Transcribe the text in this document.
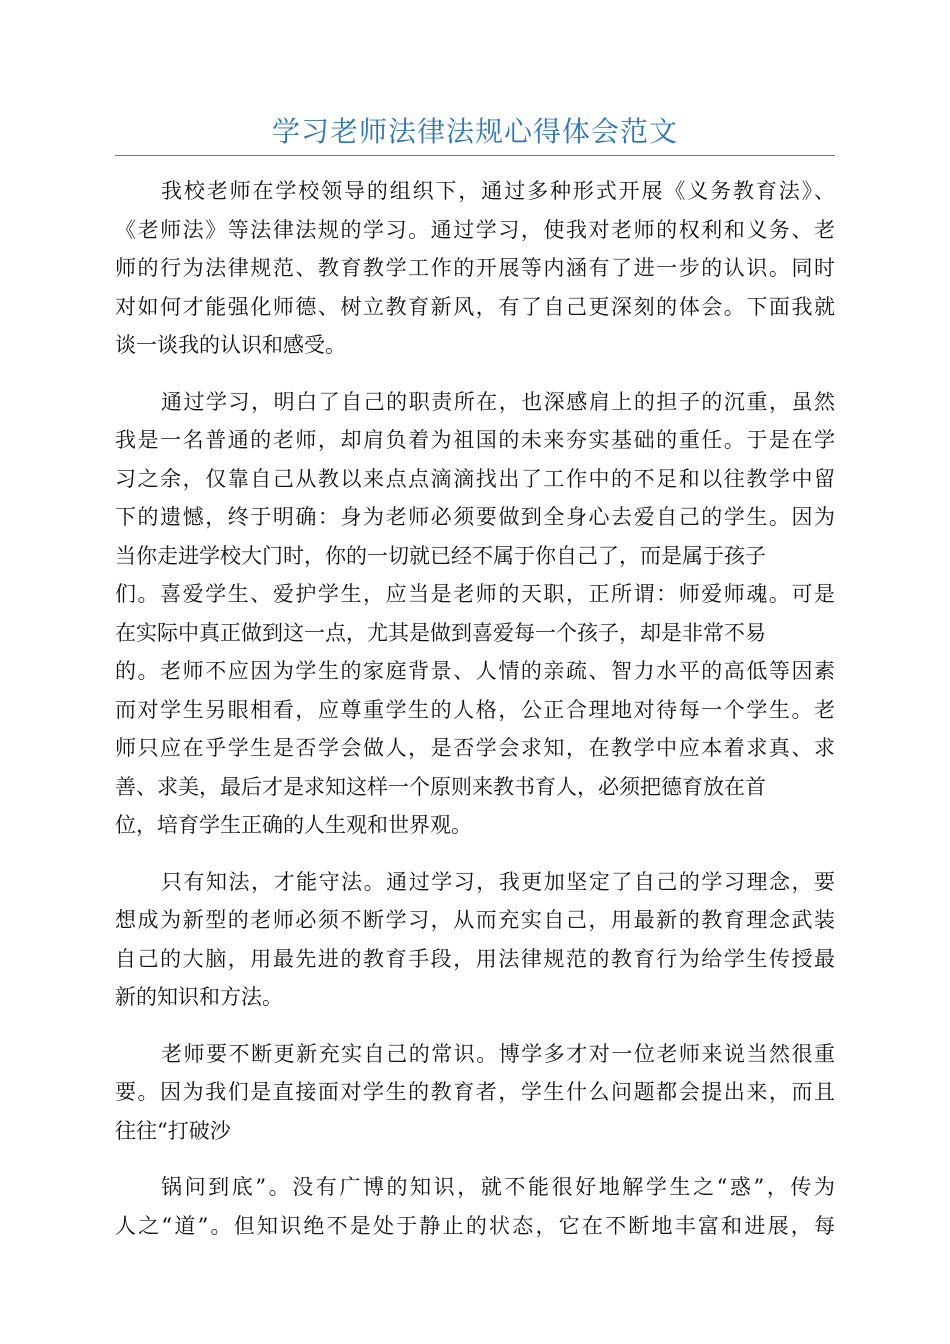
学习老师法律法规心得体会范文
我校老师在学校领导的组织下，通过多种形式开展《义务教育法》、
《老师法》等法律法规的学习。通过学习，使我对老师的权利和义务、老
师的行为法律规范、教育教学工作的开展等内涵有了进一步的认识。同时
对如何才能强化师德、树立教育新风，有了自己更深刻的体会。下面我就
谈一谈我的认识和感受。
通过学习，明白了自己的职责所在，也深感肩上的担子的沉重，虽然
我是一名普通的老师，却肩负着为祖国的未来夯实基础的重任。于是在学
习之余，仅靠自己从教以来点点滴滴找出了工作中的不足和以往教学中留
下的遗憾，终于明确：身为老师必须要做到全身心去爱自己的学生。因为
当你走进学校大门时，你的一切就已经不属于你自己了，而是属于孩子
们。喜爱学生、爱护学生，应当是老师的天职，正所谓：师爱师魂。可是
在实际中真正做到这一点，尤其是做到喜爱每一个孩子，却是非常不易
的。老师不应因为学生的家庭背景、人情的亲疏、智力水平的高低等因素
而对学生另眼相看，应尊重学生的人格，公正合理地对待每一个学生。老
师只应在乎学生是否学会做人，是否学会求知，在教学中应本着求真、求
善、求美，最后才是求知这样一个原则来教书育人，必须把德育放在首
位，培育学生正确的人生观和世界观。
只有知法，才能守法。通过学习，我更加坚定了自己的学习理念，要
想成为新型的老师必须不断学习，从而充实自己，用最新的教育理念武装
自己的大脑，用最先进的教育手段，用法律规范的教育行为给学生传授最
新的知识和方法。
老师要不断更新充实自己的常识。博学多才对一位老师来说当然很重
要。因为我们是直接面对学生的教育者，学生什么问题都会提出来，而且
往往“打破沙
锅问到底”。没有广博的知识，就不能很好地解学生之“惑”，传为
人之“道”。但知识绝不是处于静止的状态，它在不断地丰富和进展，每
